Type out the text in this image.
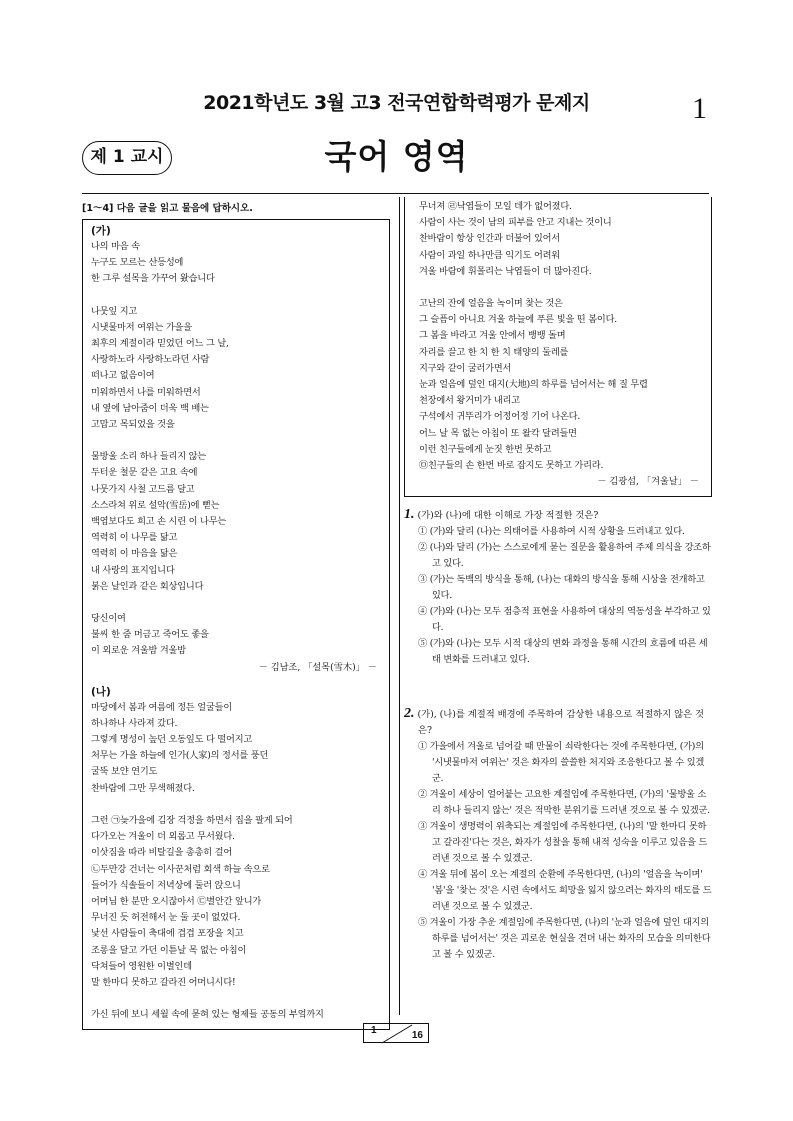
2021학년도 3월 고3 전국연합학력평가 문제지	1
제 1 교시	국어 영역
[1～4] 다음 글을 읽고 물음에 답하시오.
(가)
나의 마음 속
누구도 모르는 산등성에
한 그루 설목을 가꾸어 왔습니다
나뭇잎 지고
시냇물마저 여위는 가을을
최후의 계절이라 믿었던 어느 그 날,
사랑하노라 사랑하노라던 사람
떠나고 없음이여
미워하면서 나를 미워하면서
내 옆에 남아줌이 더욱 백 배는
고맙고 목되었을 것을
물방울 소리 하나 들리지 않는
두터운 철문 같은 고요 속에
나뭇가지 사철 고드름 달고
소스라쳐 위로 설악(雪岳)에 뻗는
백엽보다도 희고 손 시린 이 나무는
역력히 이 나무를 닮고
역력히 이 마음을 닮은
내 사랑의 표지입니다
붉은 날인과 같은 회상입니다
당신이여
불씨 한 줌 머금고 죽어도 좋을
이 외로운 겨울밤 겨울밤
－ 김남조, 「설목(雪木)」 －
(나)
마당에서 봄과 여름에 정든 얼굴들이
하나하나 사라져 갔다.
그렇게 명성이 높던 오동잎도 다 떨어지고
처무는 가을 하늘에 인가(人家)의 정서를 풍던
굴뚝 보얀 연기도
찬바람에 그만 무색해졌다.
그런 ㉠늦가을에 김장 걱정을 하면서 집을 팔게 되어
다가오는 겨울이 더 외롭고 무서웠다.
이삿짐을 따라 비탈길을 총총히 걸어
㉡두만강 건너는 이사꾼처럼 회색 하늘 속으로
들어가 식솔들이 저녁상에 둘러 앉으니
어머님 한 분만 오시잖아서 ㉢별안간 앞니가
무너진 듯 허전해서 눈 둘 곳이 없었다.
낯선 사람들이 축대에 겹겹 포장을 치고
조롱을 달고 가던 이튿날 목 없는 아침이
닥쳐들어 영원한 이별인데
말 한마디 못하고 갈라진 어머니시다!
가신 뒤에 보니 세월 속에 묻혀 있는 형제들 공동의 부엌까지
무너져 ㉣낙엽들이 모일 데가 없어졌다.
사람이 사는 것이 남의 피부를 안고 지내는 것이니
찬바람이 항상 인간과 더불어 있어서
사람이 과일 하나만큼 익기도 어려워
겨울 바람에 휘몰리는 낙엽들이 더 많아진다.
고난의 잔에 얼음을 녹이며 찾는 것은
그 슬픔이 아니요 겨울 하늘에 푸른 빛을 띤 봄이다.
그 봄을 바라고 겨울 안에서 뱅뱅 돌며
자리를 끌고 한 치 한 치 태양의 둘레를
지구와 같이 굴러가면서
눈과 얼음에 덮인 대지(大地)의 하루를 넘어서는 해 질 무렵
천장에서 왕거미가 내리고
구석에서 귀뚜리가 어정어정 기어 나온다.
어느 날 목 없는 아침이 또 왈칵 달려들면
이런 친구들에게 눈짓 한번 못하고
㉤친구들의 손 한번 바로 잡지도 못하고 가리라.
－ 김광섭, 「겨울날」 －
1. (가)와 (나)에 대한 이해로 가장 적절한 것은?
① (가)와 달리 (나)는 의태어를 사용하여 시적 상황을 드러내고 있다.
② (나)와 달리 (가)는 스스로에게 묻는 질문을 활용하여 주제 의식을 강조하고 있다.
③ (가)는 독백의 방식을 통해, (나)는 대화의 방식을 통해 시상을 전개하고 있다.
④ (가)와 (나)는 모두 점층적 표현을 사용하여 대상의 역동성을 부각하고 있다.
⑤ (가)와 (나)는 모두 시적 대상의 변화 과정을 통해 시간의 흐름에 따른 세태 변화를 드러내고 있다.
2. (가), (나)를 계절적 배경에 주목하여 감상한 내용으로 적절하지 않은 것은?
① 가을에서 겨울로 넘어갈 때 만물이 쇠락한다는 것에 주목한다면, (가)의 '시냇물마저 여위는' 것은 화자의 쓸쓸한 처지와 조응한다고 볼 수 있겠군.
② 겨울이 세상이 얼어붙는 고요한 계절임에 주목한다면, (가)의 '물방울 소리 하나 들리지 않는' 것은 적막한 분위기를 드러낸 것으로 볼 수 있겠군.
③ 겨울이 생명력이 위축되는 계절임에 주목한다면, (나)의 '말 한마디 못하고 갈라진'다는 것은, 화자가 성찰을 통해 내적 성숙을 이루고 있음을 드러낸 것으로 볼 수 있겠군.
④ 겨울 뒤에 봄이 오는 계절의 순환에 주목한다면, (나)의 '얼음을 녹이며' '봄'을 '찾는 것'은 시련 속에서도 희망을 잃지 않으려는 화자의 태도를 드러낸 것으로 볼 수 있겠군.
⑤ 겨울이 가장 추운 계절임에 주목한다면, (나)의 '눈과 얼음에 덮인 대지의 하루를 넘어서는' 것은 괴로운 현실을 견뎌 내는 화자의 모습을 의미한다고 볼 수 있겠군.
1	16
